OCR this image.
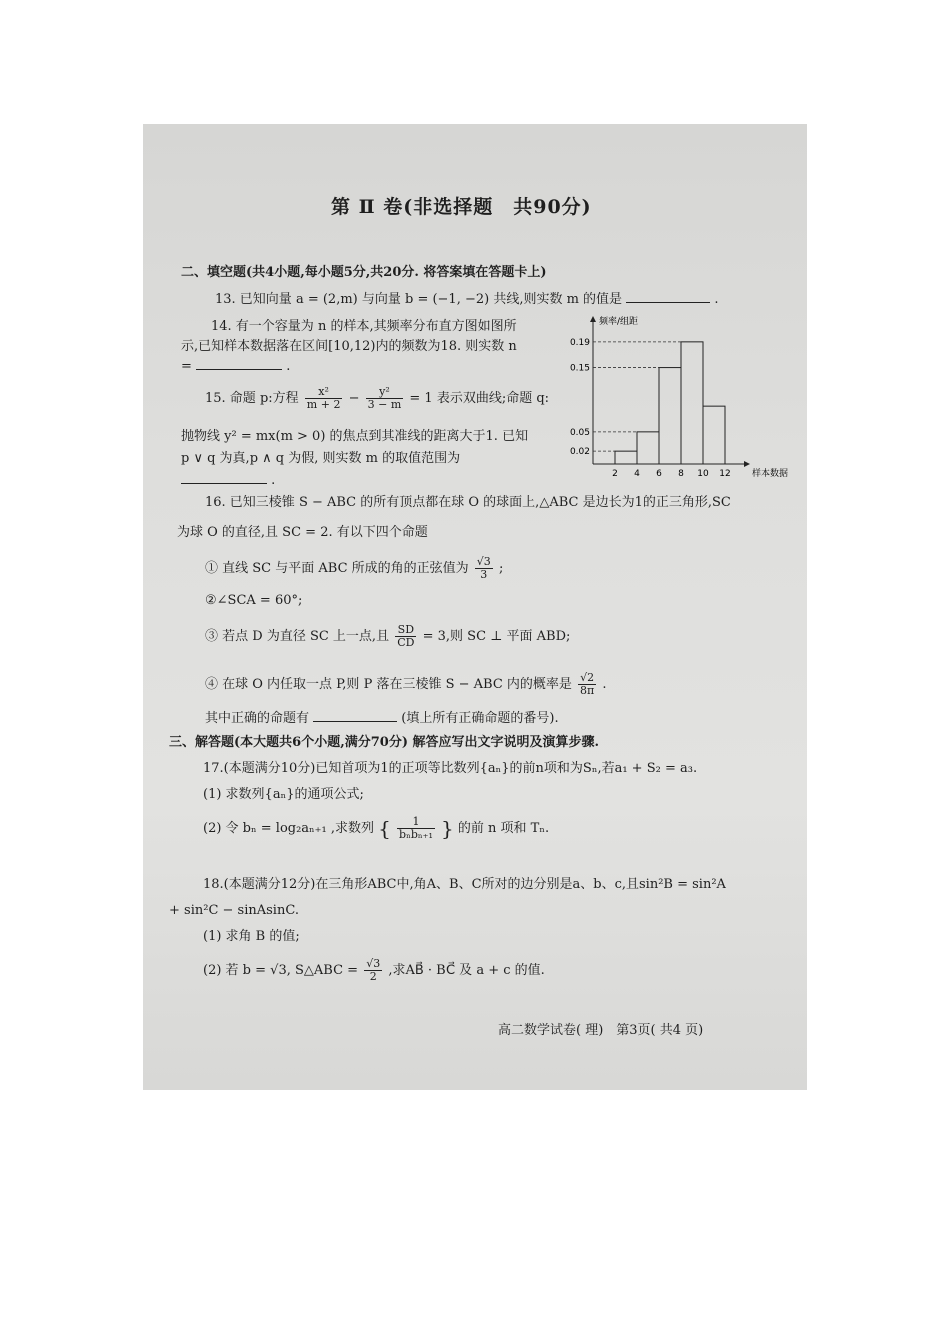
第 Ⅱ 卷(非选择题　共90分)
二、填空题(共4小题,每小题5分,共20分. 将答案填在答题卡上)
13. 已知向量 a = (2,m) 与向量 b = (−1, −2) 共线,则实数 m 的值是	.
14. 有一个容量为 n 的样本,其频率分布直方图如图所
示,已知样本数据落在区间[10,12)内的频数为18. 则实数 n
=	.
15. 命题 p:方程 $\frac{\text{x²}}{m + 2} - \frac{\text{y²}}{3 - m} = 1$ 表示双曲线;命题 q:
抛物线 y² = mx(m > 0) 的焦点到其准线的距离大于1. 已知
p ∨ q 为真,p ∧ q 为假, 则实数 m 的取值范围为
.
频率/组距
样本数据
0.02
0.05
0.15
0.19
2 4 6 8 10 12
16. 已知三棱锥 S − ABC 的所有顶点都在球 O 的球面上,△ABC 是边长为1的正三角形,SC
为球 O 的直径,且 SC = 2. 有以下四个命题
① 直线 SC 与平面 ABC 所成的角的正弦值为 $\frac{√3}{3}$ ;
②∠SCA = 60°;
③ 若点 D 为直径 SC 上一点,且 $\frac{SD}{CD} = 3$,则 SC ⊥ 平面 ABD;
④ 在球 O 内任取一点 P,则 P 落在三棱锥 S − ABC 内的概率是 $\frac{√2}{8\pi}$ .
其中正确的命题有	(填上所有正确命题的番号).
三、解答题(本大题共6个小题,满分70分) 解答应写出文字说明及演算步骤.
17.(本题满分10分)已知首项为1的正项等比数列{aₙ}的前n项和为Sₙ,若a₁ + S₂ = a₃.
(1) 求数列{aₙ}的通项公式;
(2) 令 bₙ = log₂aₙ₊₁ ,求数列 { $\frac{1}{\text{bₙbₙ₊₁}}$ } 的前 n 项和 Tₙ.
18.(本题满分12分)在三角形ABC中,角A、B、C所对的边分别是a、b、c,且sin²B = sin²A
+ sin²C − sinAsinC.
(1) 求角 B 的值;
(2) 若 b = √3, S△ABC = $\frac{√3}{2}$ ,求AB⃗ · BC⃗ 及 a + c 的值.
高二数学试卷( 理)　第3页( 共4 页)
